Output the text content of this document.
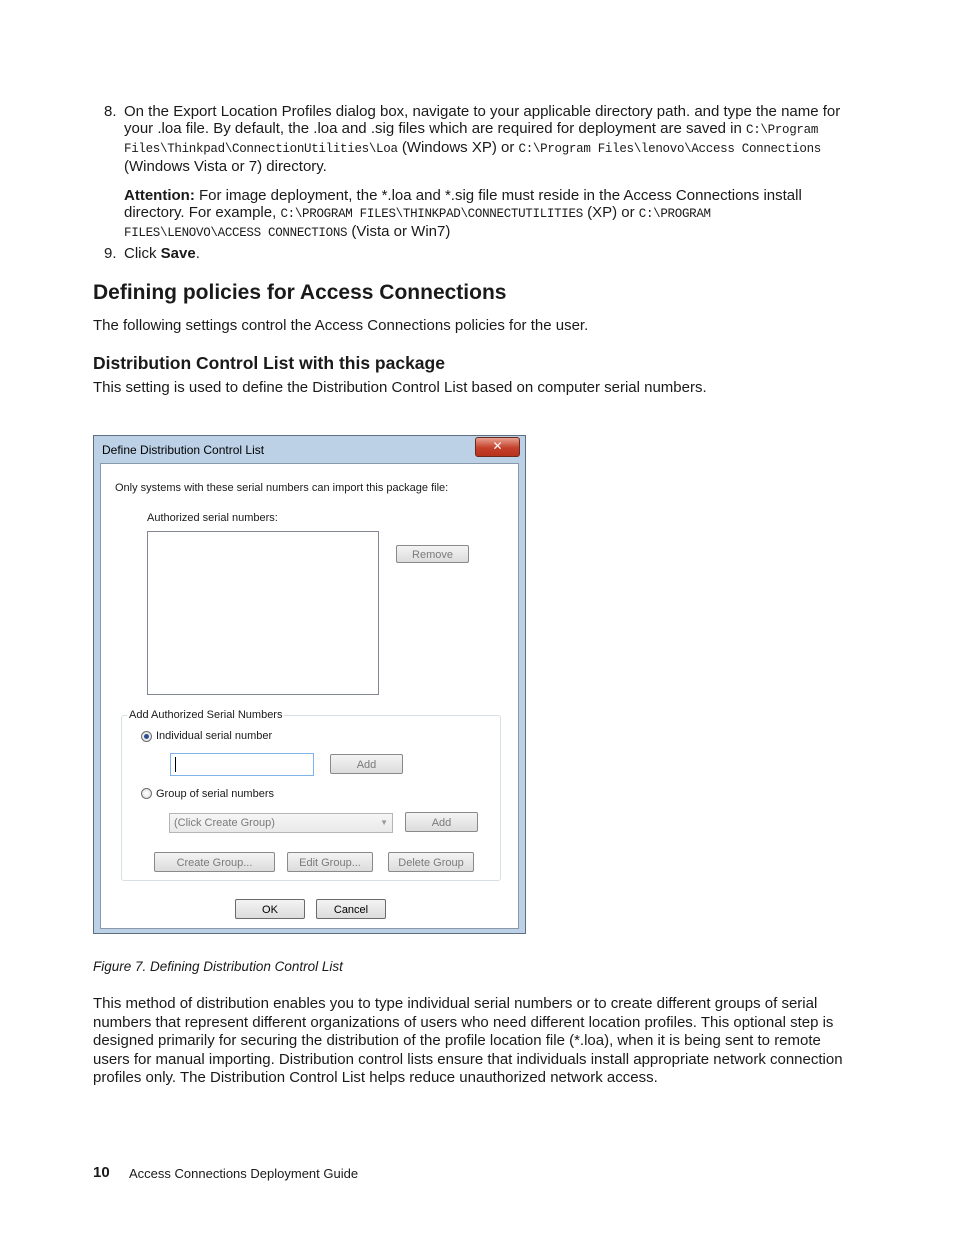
8. On the Export Location Profiles dialog box, navigate to your applicable directory path. and type the name for your .loa file. By default, the .loa and .sig files which are required for deployment are saved in C:\Program Files\Thinkpad\ConnectionUtilities\Loa (Windows XP) or C:\Program Files\lenovo\Access Connections (Windows Vista or 7) directory.
Attention: For image deployment, the *.loa and *.sig file must reside in the Access Connections install directory. For example, C:\PROGRAM FILES\THINKPAD\CONNECTUTILITIES (XP) or C:\PROGRAM FILES\LENOVO\ACCESS CONNECTIONS (Vista or Win7)
9. Click Save.
Defining policies for Access Connections
The following settings control the Access Connections policies for the user.
Distribution Control List with this package
This setting is used to define the Distribution Control List based on computer serial numbers.
Define Distribution Control List	✕
Only systems with these serial numbers can import this package file:
Authorized serial numbers:
Remove
Add Authorized Serial Numbers
Individual serial number
Add
Group of serial numbers
(Click Create Group)	▼	Add
Create Group...	Edit Group...	Delete Group
OK	Cancel
Figure 7. Defining Distribution Control List
This method of distribution enables you to type individual serial numbers or to create different groups of serial numbers that represent different organizations of users who need different location profiles. This optional step is designed primarily for securing the distribution of the profile location file (*.loa), when it is being sent to remote users for manual importing. Distribution control lists ensure that individuals install appropriate network connection profiles only. The Distribution Control List helps reduce unauthorized network access.
10 Access Connections Deployment Guide
